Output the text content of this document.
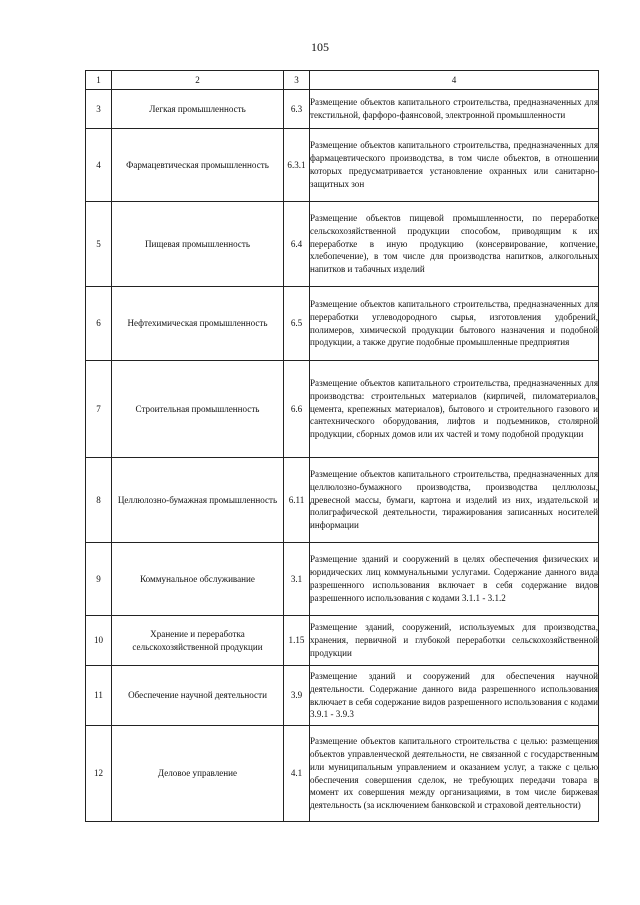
105
1	2	3	4
3	Легкая промышленность	6.3	Размещение объектов капитального строительства, предназначенных для текстильной, фарфоро-фаянсовой, электронной промышленности
4	Фармацевтическая промышленность	6.3.1	Размещение объектов капитального строительства, предназначенных для фармацевтического производства, в том числе объектов, в отношении которых предусматривается установление охранных или санитарно-защитных зон
5	Пищевая промышленность	6.4	Размещение объектов пищевой промышленности, по переработке сельскохозяйственной продукции способом, приводящим к их переработке в иную продукцию (консервирование, копчение, хлебопечение), в том числе для производства напитков, алкогольных напитков и табачных изделий
6	Нефтехимическая промышленность	6.5	Размещение объектов капитального строительства, предназначенных для переработки углеводородного сырья, изготовления удобрений, полимеров, химической продукции бытового назначения и подобной продукции, а также другие подобные промышленные предприятия
7	Строительная промышленность	6.6	Размещение объектов капитального строительства, предназначенных для производства: строительных материалов (кирпичей, пиломатериалов, цемента, крепежных материалов), бытового и строительного газового и сантехнического оборудования, лифтов и подъемников, столярной продукции, сборных домов или их частей и тому подобной продукции
8	Целлюлозно-бумажная промышленность	6.11	Размещение объектов капитального строительства, предназначенных для целлюлозно-бумажного производства, производства целлюлозы, древесной массы, бумаги, картона и изделий из них, издательской и полиграфической деятельности, тиражирования записанных носителей информации
9	Коммунальное обслуживание	3.1	Размещение зданий и сооружений в целях обеспечения физических и юридических лиц коммунальными услугами. Содержание данного вида разрешенного использования включает в себя содержание видов разрешенного использования с кодами 3.1.1 - 3.1.2
10	Хранение и переработка сельскохозяйственной продукции	1.15	Размещение зданий, сооружений, используемых для производства, хранения, первичной и глубокой переработки сельскохозяйственной продукции
11	Обеспечение научной деятельности	3.9	Размещение зданий и сооружений для обеспечения научной деятельности. Содержание данного вида разрешенного использования включает в себя содержание видов разрешенного использования с кодами 3.9.1 - 3.9.3
12	Деловое управление	4.1	Размещение объектов капитального строительства с целью: размещения объектов управленческой деятельности, не связанной с государственным или муниципальным управлением и оказанием услуг, а также с целью обеспечения совершения сделок, не требующих передачи товара в момент их совершения между организациями, в том числе биржевая деятельность (за исключением банковской и страховой деятельности)
